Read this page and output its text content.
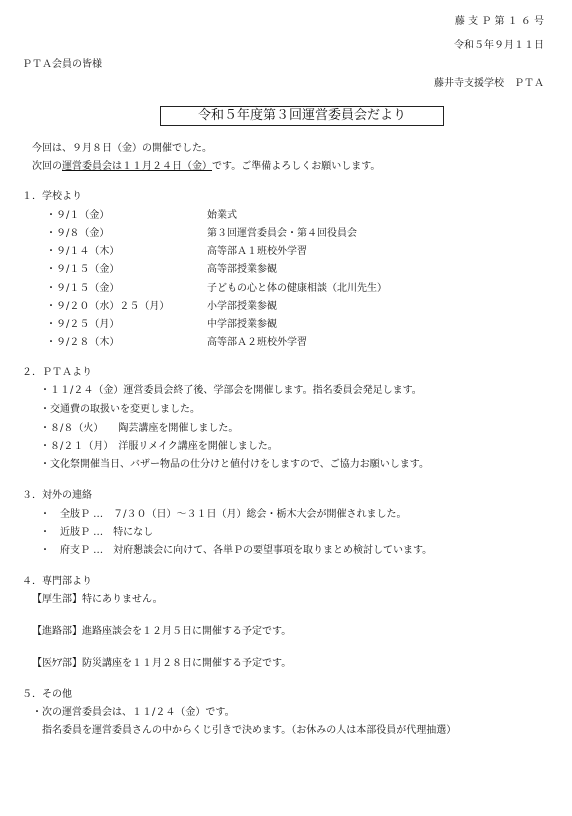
藤 支 Ｐ 第 １ ６ 号
令和５年９月１１日
ＰＴＡ会員の皆様
藤井寺支援学校　ＰＴＡ
令和５年度第３回運営委員会だより
今回は、９月８日（金）の開催でした。
次回の運営委員会は１１月２４日（金）です。ご準備よろしくお願いします。
１．学校より
・９/１（金）	始業式
・９/８（金）	第３回運営委員会・第４回役員会
・９/１４（木）	高等部Ａ１班校外学習
・９/１５（金）	高等部授業参観
・９/１５（金）	子どもの心と体の健康相談（北川先生）
・９/２０（水）２５（月）	小学部授業参観
・９/２５（月）	中学部授業参観
・９/２８（木）	高等部Ａ２班校外学習
２．ＰＴＡより
・１１/２４（金）運営委員会終了後、学部会を開催します。指名委員会発足します。
・交通費の取扱いを変更しました。
・８/８（火）　　陶芸講座を開催しました。
・８/２１（月）　洋服リメイク講座を開催しました。
・文化祭開催当日、バザー物品の仕分けと値付けをしますので、ご協力お願いします。
３．対外の連絡
・　全肢Ｐ …　７/３０（日）～３１日（月）総会・栃木大会が開催されました。
・　近肢Ｐ …　特になし
・　府支Ｐ …　対府懇談会に向けて、各単Ｐの要望事項を取りまとめ検討しています。
４．専門部より
【厚生部】特にありません。
【進路部】進路座談会を１２月５日に開催する予定です。
【医ｹｱ部】防災講座を１１月２８日に開催する予定です。
５．その他
・次の運営委員会は、１１/２４（金）です。
指名委員を運営委員さんの中からくじ引きで決めます。（お休みの人は本部役員が代理抽選）
